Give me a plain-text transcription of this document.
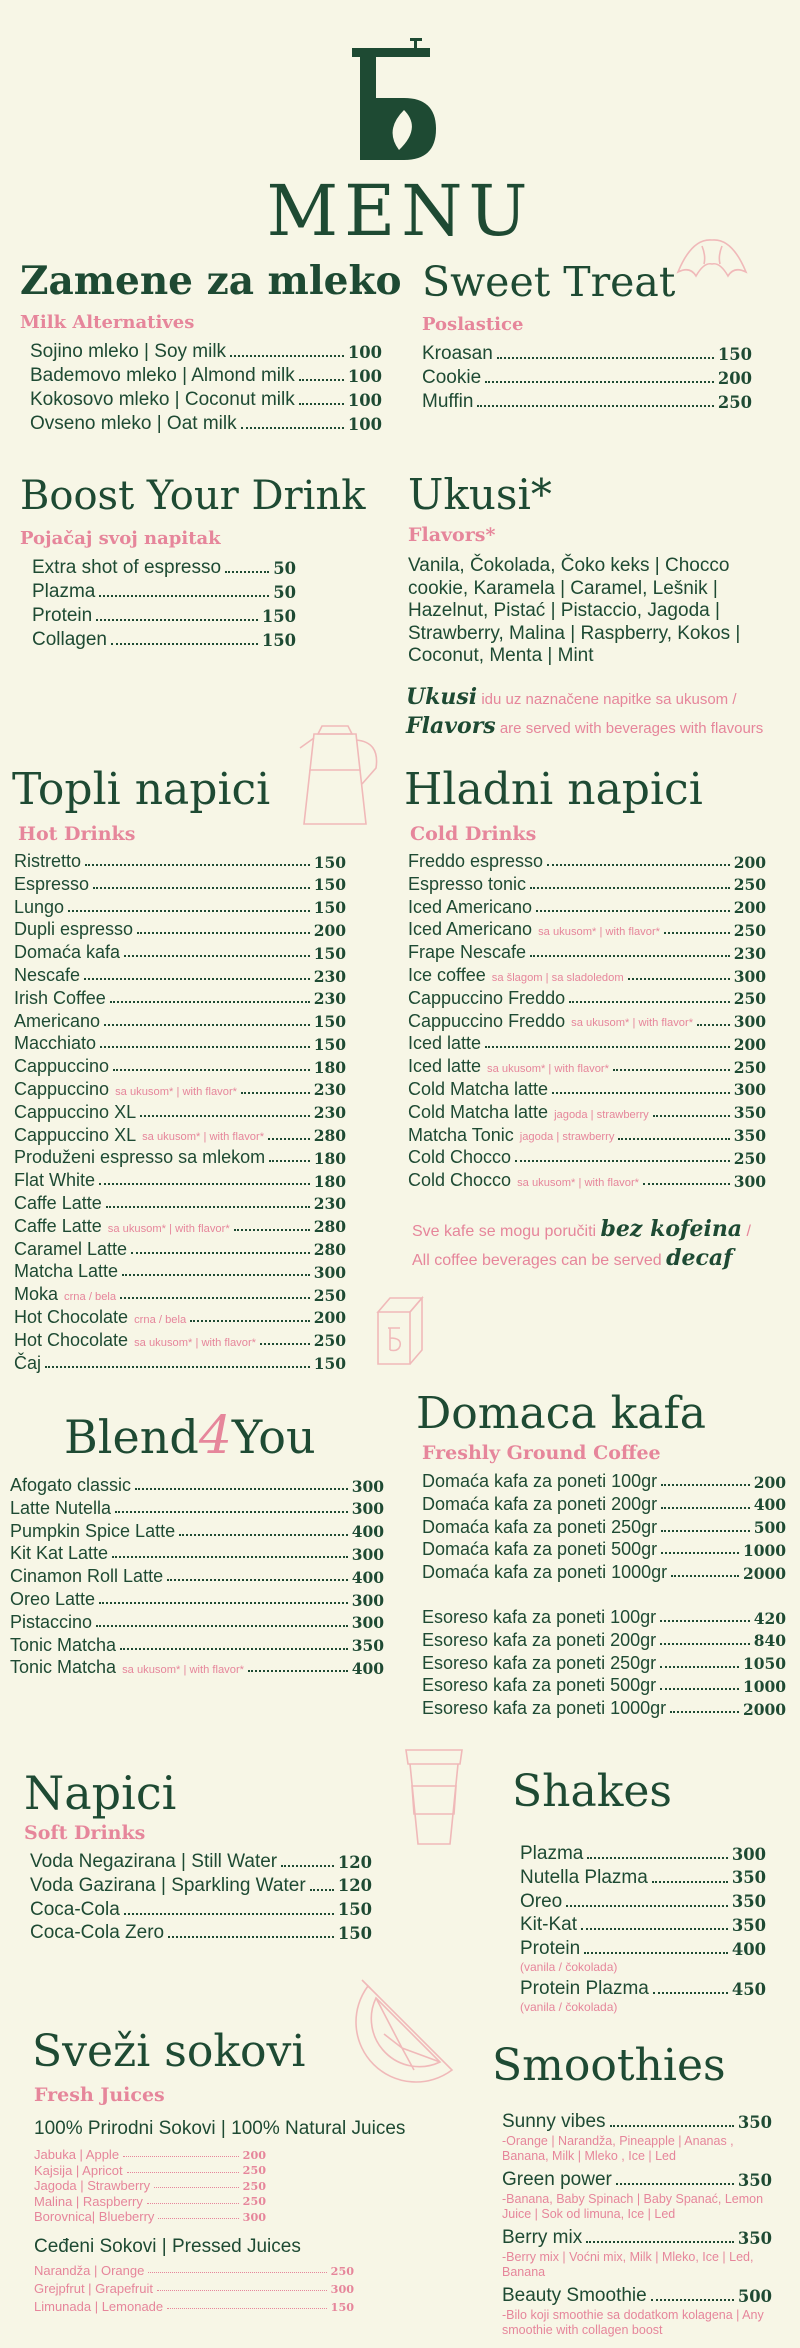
MENU
Zamene za mleko
Milk Alternatives
Sojino mleko | Soy milk	100
Bademovo mleko | Almond milk	100
Kokosovo mleko | Coconut milk	100
Ovseno mleko | Oat milk	100
Sweet Treat
Poslastice
Kroasan	150
Cookie	200
Muffin	250
Boost Your Drink
Pojačaj svoj napitak
Extra shot of espresso	50
Plazma	50
Protein	150
Collagen	150
Ukusi*
Flavors*
Vanila, Čokolada, Čoko keks | Chocco cookie, Karamela | Caramel, Lešnik | Hazelnut, Pistać | Pistaccio, Jagoda | Strawberry, Malina | Raspberry, Kokos | Coconut, Menta | Mint
Ukusi idu uz naznačene napitke sa ukusom /
Flavors are served with beverages with flavours
Topli napici
Hot Drinks
Ristretto	150
Espresso	150
Lungo	150
Dupli espresso	200
Domaća kafa	150
Nescafe	230
Irish Coffee	230
Americano	150
Macchiato	150
Cappuccino	180
Cappuccino sa ukusom* | with flavor*	230
Cappuccino XL	230
Cappuccino XL sa ukusom* | with flavor*	280
Produženi espresso sa mlekom	180
Flat White	180
Caffe Latte	230
Caffe Latte sa ukusom* | with flavor*	280
Caramel Latte	280
Matcha Latte	300
Moka crna / bela	250
Hot Chocolate crna / bela	200
Hot Chocolate sa ukusom* | with flavor*	250
Čaj	150
Hladni napici
Cold Drinks
Freddo espresso	200
Espresso tonic	250
Iced Americano	200
Iced Americano sa ukusom* | with flavor*	250
Frape Nescafe	230
Ice coffee sa šlagom | sa sladoledom	300
Cappuccino Freddo	250
Cappuccino Freddo sa ukusom* | with flavor*	300
Iced latte	200
Iced latte sa ukusom* | with flavor*	250
Cold Matcha latte	300
Cold Matcha latte jagoda | strawberry	350
Matcha Tonic jagoda | strawberry	350
Cold Chocco	250
Cold Chocco sa ukusom* | with flavor*	300
Sve kafe se mogu poručiti bez kofeina /
All coffee beverages can be served decaf
Blend4You
Afogato classic	300
Latte Nutella	300
Pumpkin Spice Latte	400
Kit Kat Latte	300
Cinamon Roll Latte	400
Oreo Latte	300
Pistaccino	300
Tonic Matcha	350
Tonic Matcha sa ukusom* | with flavor*	400
Domaca kafa
Freshly Ground Coffee
Domaća kafa za poneti 100gr	200
Domaća kafa za poneti 200gr	400
Domaća kafa za poneti 250gr	500
Domaća kafa za poneti 500gr	1000
Domaća kafa za poneti 1000gr	2000
Esoreso kafa za poneti 100gr	420
Esoreso kafa za poneti 200gr	840
Esoreso kafa za poneti 250gr	1050
Esoreso kafa za poneti 500gr	1000
Esoreso kafa za poneti 1000gr	2000
Napici
Soft Drinks
Voda Negazirana | Still Water	120
Voda Gazirana | Sparkling Water 120
Coca-Cola	150
Coca-Cola Zero	150
Shakes
Plazma	300
Nutella Plazma	350
Oreo	350
Kit-Kat	350
Protein	400
(vanila / čokolada)
Protein Plazma	450
(vanila / čokolada)
Sveži sokovi
Fresh Juices
100% Prirodni Sokovi | 100% Natural Juices
Jabuka | Apple	200
Kajsija | Apricot	250
Jagoda | Strawberry	250
Malina | Raspberry	250
Borovnica| Blueberry	300
Ceđeni Sokovi | Pressed Juices
Narandža | Orange	250
Grejpfrut | Grapefruit	300
Limunada | Lemonade	150
Smoothies
Sunny vibes	350
-Orange | Narandža, Pineapple | Ananas , Banana, Milk | Mleko , Ice | Led
Green power	350
-Banana, Baby Spinach | Baby Spanać, Lemon Juice | Sok od limuna, Ice | Led
Berry mix	350
-Berry mix | Voćni mix, Milk | Mleko, Ice | Led, Banana
Beauty Smoothie	500
-Bilo koji smoothie sa dodatkom kolagena | Any smoothie with collagen boost
